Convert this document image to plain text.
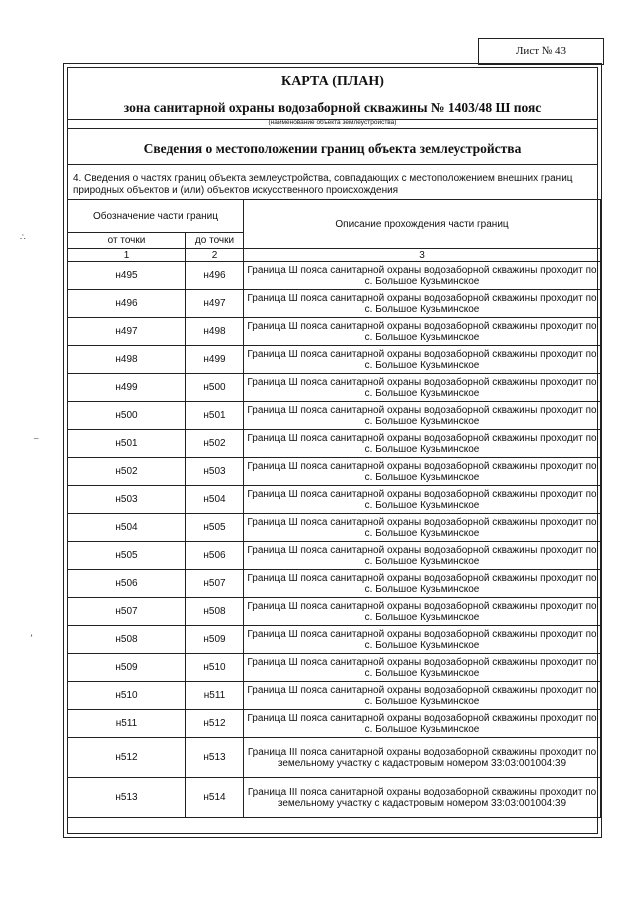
Лист № 43
КАРТА (ПЛАН)
зона санитарной охраны водозаборной скважины № 1403/48 Ш пояс
(наименование объекта землеустройства)
Сведения о местоположении границ объекта землеустройства
4. Сведения о частях границ объекта землеустройства, совпадающих с местоположением внешних границ природных объектов и (или) объектов искусственного происхождения
Обозначение части границ		Описание прохождения части границ
от точки	до точки	
1	2	3
н495	н496	Граница Ш пояса санитарной охраны водозаборной скважины проходит по с. Большое Кузьминское
н496	н497	Граница Ш пояса санитарной охраны водозаборной скважины проходит по с. Большое Кузьминское
н497	н498	Граница Ш пояса санитарной охраны водозаборной скважины проходит по с. Большое Кузьминское
н498	н499	Граница Ш пояса санитарной охраны водозаборной скважины проходит по с. Большое Кузьминское
н499	н500	Граница Ш пояса санитарной охраны водозаборной скважины проходит по с. Большое Кузьминское
н500	н501	Граница Ш пояса санитарной охраны водозаборной скважины проходит по с. Большое Кузьминское
н501	н502	Граница Ш пояса санитарной охраны водозаборной скважины проходит по с. Большое Кузьминское
н502	н503	Граница Ш пояса санитарной охраны водозаборной скважины проходит по с. Большое Кузьминское
н503	н504	Граница Ш пояса санитарной охраны водозаборной скважины проходит по с. Большое Кузьминское
н504	н505	Граница Ш пояса санитарной охраны водозаборной скважины проходит по с. Большое Кузьминское
н505	н506	Граница Ш пояса санитарной охраны водозаборной скважины проходит по с. Большое Кузьминское
н506	н507	Граница Ш пояса санитарной охраны водозаборной скважины проходит по с. Большое Кузьминское
н507	н508	Граница Ш пояса санитарной охраны водозаборной скважины проходит по с. Большое Кузьминское
н508	н509	Граница Ш пояса санитарной охраны водозаборной скважины проходит по с. Большое Кузьминское
н509	н510	Граница Ш пояса санитарной охраны водозаборной скважины проходит по с. Большое Кузьминское
н510	н511	Граница Ш пояса санитарной охраны водозаборной скважины проходит по с. Большое Кузьминское
н511	н512	Граница Ш пояса санитарной охраны водозаборной скважины проходит по с. Большое Кузьминское
н512	н513	Граница III пояса санитарной охраны водозаборной скважины проходит по земельному участку с кадастровым номером 33:03:001004:39
н513	н514	Граница III пояса санитарной охраны водозаборной скважины проходит по земельному участку с кадастровым номером 33:03:001004:39
∴
–
ʼ
